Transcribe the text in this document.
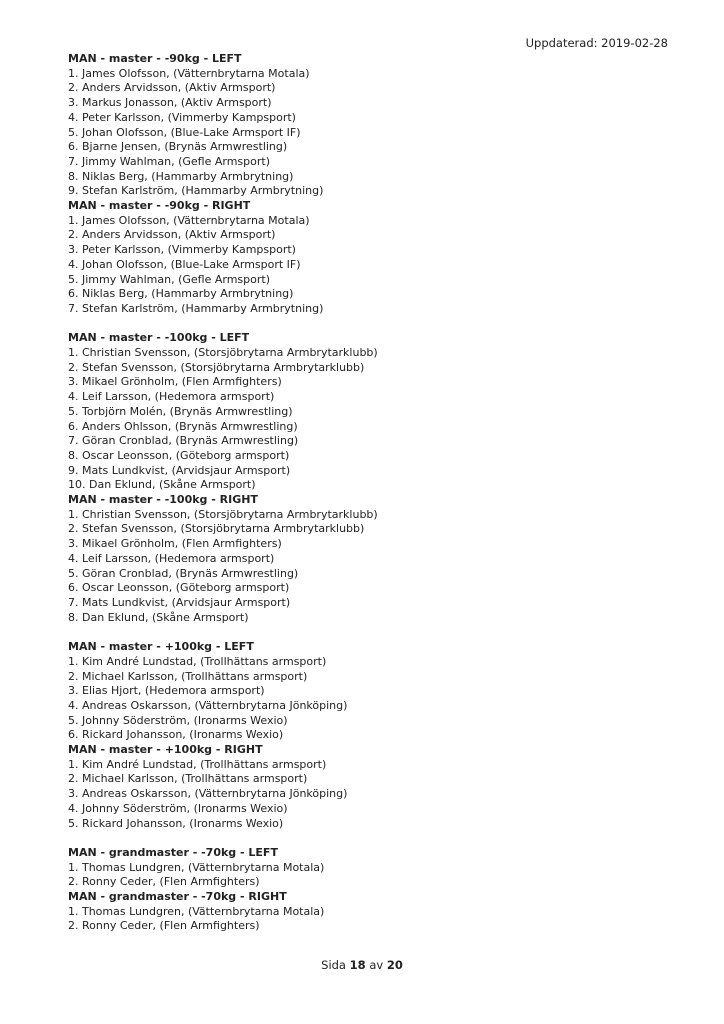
Uppdaterad: 2019-02-28
MAN - master - -90kg - LEFT
1. James Olofsson, (Vätternbrytarna Motala)
2. Anders Arvidsson, (Aktiv Armsport)
3. Markus Jonasson, (Aktiv Armsport)
4. Peter Karlsson, (Vimmerby Kampsport)
5. Johan Olofsson, (Blue-Lake Armsport IF)
6. Bjarne Jensen, (Brynäs Armwrestling)
7. Jimmy Wahlman, (Gefle Armsport)
8. Niklas Berg, (Hammarby Armbrytning)
9. Stefan Karlström, (Hammarby Armbrytning)
MAN - master - -90kg - RIGHT
1. James Olofsson, (Vätternbrytarna Motala)
2. Anders Arvidsson, (Aktiv Armsport)
3. Peter Karlsson, (Vimmerby Kampsport)
4. Johan Olofsson, (Blue-Lake Armsport IF)
5. Jimmy Wahlman, (Gefle Armsport)
6. Niklas Berg, (Hammarby Armbrytning)
7. Stefan Karlström, (Hammarby Armbrytning)
MAN - master - -100kg - LEFT
1. Christian Svensson, (Storsjöbrytarna Armbrytarklubb)
2. Stefan Svensson, (Storsjöbrytarna Armbrytarklubb)
3. Mikael Grönholm, (Flen Armfighters)
4. Leif Larsson, (Hedemora armsport)
5. Torbjörn Molén, (Brynäs Armwrestling)
6. Anders Ohlsson, (Brynäs Armwrestling)
7. Göran Cronblad, (Brynäs Armwrestling)
8. Oscar Leonsson, (Göteborg armsport)
9. Mats Lundkvist, (Arvidsjaur Armsport)
10. Dan Eklund, (Skåne Armsport)
MAN - master - -100kg - RIGHT
1. Christian Svensson, (Storsjöbrytarna Armbrytarklubb)
2. Stefan Svensson, (Storsjöbrytarna Armbrytarklubb)
3. Mikael Grönholm, (Flen Armfighters)
4. Leif Larsson, (Hedemora armsport)
5. Göran Cronblad, (Brynäs Armwrestling)
6. Oscar Leonsson, (Göteborg armsport)
7. Mats Lundkvist, (Arvidsjaur Armsport)
8. Dan Eklund, (Skåne Armsport)
MAN - master - +100kg - LEFT
1. Kim André Lundstad, (Trollhättans armsport)
2. Michael Karlsson, (Trollhättans armsport)
3. Elias Hjort, (Hedemora armsport)
4. Andreas Oskarsson, (Vätternbrytarna Jönköping)
5. Johnny Söderström, (Ironarms Wexio)
6. Rickard Johansson, (Ironarms Wexio)
MAN - master - +100kg - RIGHT
1. Kim André Lundstad, (Trollhättans armsport)
2. Michael Karlsson, (Trollhättans armsport)
3. Andreas Oskarsson, (Vätternbrytarna Jönköping)
4. Johnny Söderström, (Ironarms Wexio)
5. Rickard Johansson, (Ironarms Wexio)
MAN - grandmaster - -70kg - LEFT
1. Thomas Lundgren, (Vätternbrytarna Motala)
2. Ronny Ceder, (Flen Armfighters)
MAN - grandmaster - -70kg - RIGHT
1. Thomas Lundgren, (Vätternbrytarna Motala)
2. Ronny Ceder, (Flen Armfighters)
Sida 18 av 20
